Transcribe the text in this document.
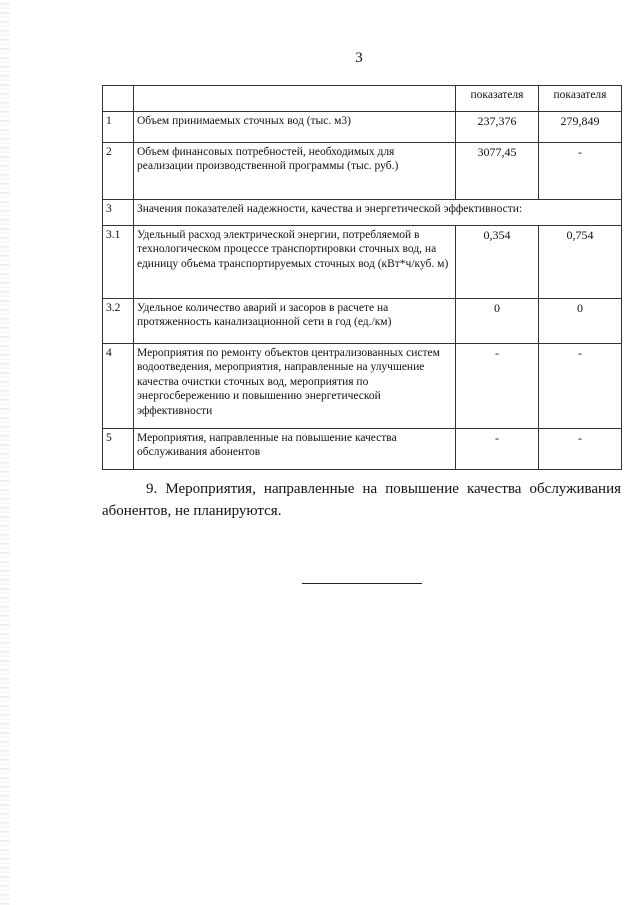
3
		показателя	показателя
1	Объем принимаемых сточных вод (тыс. м3)	237,376	279,849
2	Объем финансовых потребностей, необходимых для реализации производственной программы (тыс. руб.)	3077,45	-
3	Значения показателей надежности, качества и энергетической эффективности:		
3.1	Удельный расход электрической энергии, потребляемой в технологическом процессе транспортировки сточных вод, на единицу объема транспортируемых сточных вод (кВт*ч/куб. м)	0,354	0,754
3.2	Удельное количество аварий и засоров в расчете на протяженность канализационной сети в год (ед./км)	0	0
4	Мероприятия по ремонту объектов централизованных систем водоотведения, мероприятия, направленные на улучшение качества очистки сточных вод, мероприятия по энергосбережению и повышению энергетической эффективности	-	-
5	Мероприятия, направленные на повышение качества обслуживания абонентов	-	-

9. Мероприятия, направленные на повышение качества обслуживания абонентов, не планируются.
